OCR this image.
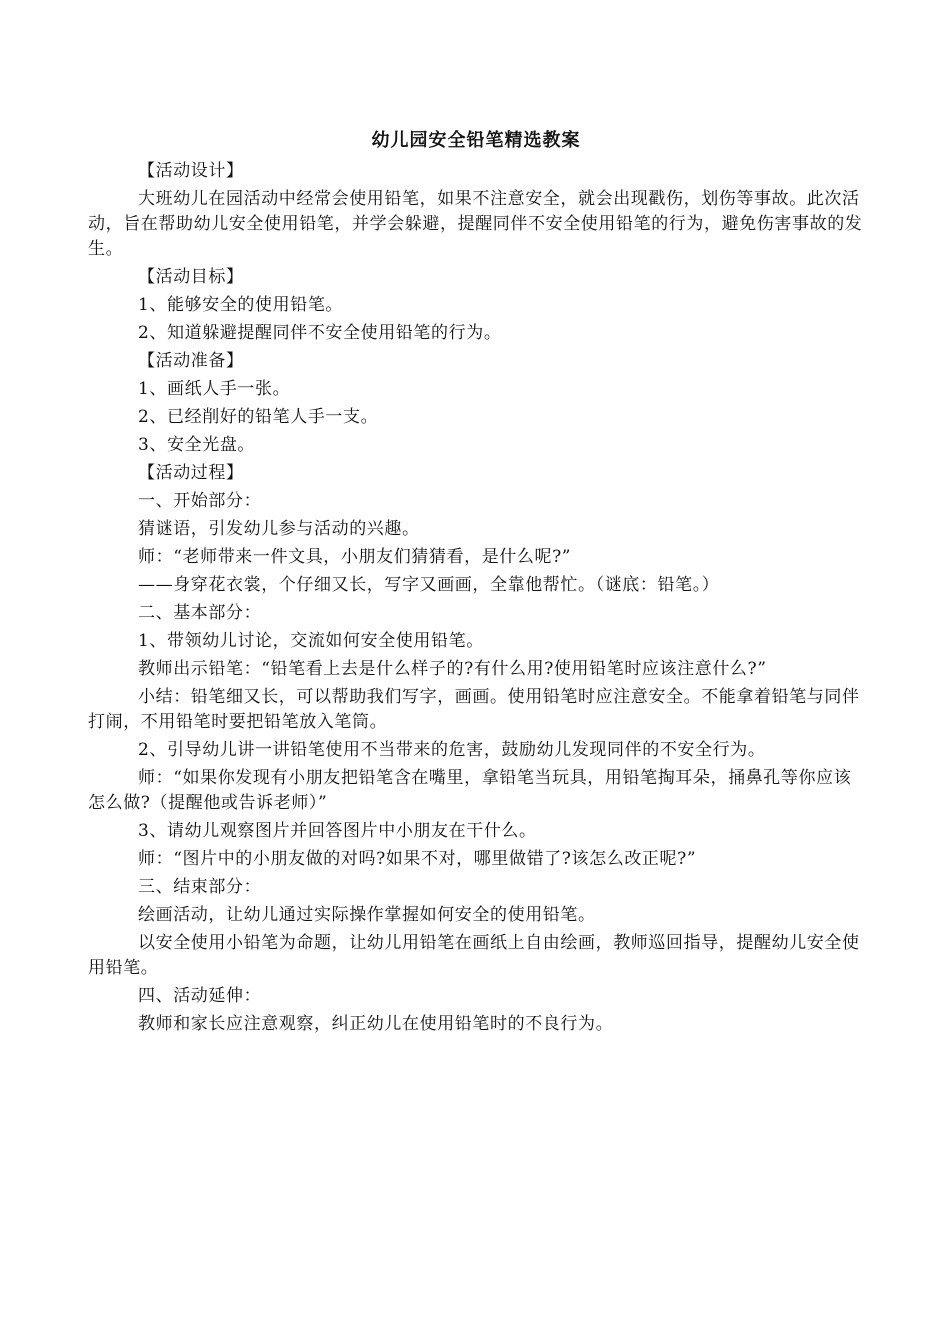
幼儿园安全铅笔精选教案
【活动设计】
大班幼儿在园活动中经常会使用铅笔，如果不注意安全，就会出现戳伤，划伤等事故。此次活动，旨在帮助幼儿安全使用铅笔，并学会躲避，提醒同伴不安全使用铅笔的行为，避免伤害事故的发生。
【活动目标】
1、能够安全的使用铅笔。
2、知道躲避提醒同伴不安全使用铅笔的行为。
【活动准备】
1、画纸人手一张。
2、已经削好的铅笔人手一支。
3、安全光盘。
【活动过程】
一、开始部分：
猜谜语，引发幼儿参与活动的兴趣。
师：“老师带来一件文具，小朋友们猜猜看，是什么呢?”
——身穿花衣裳，个仔细又长，写字又画画，全靠他帮忙。（谜底：铅笔。）
二、基本部分：
1、带领幼儿讨论，交流如何安全使用铅笔。
教师出示铅笔：“铅笔看上去是什么样子的?有什么用?使用铅笔时应该注意什么?”
小结：铅笔细又长，可以帮助我们写字，画画。使用铅笔时应注意安全。不能拿着铅笔与同伴打闹，不用铅笔时要把铅笔放入笔筒。
2、引导幼儿讲一讲铅笔使用不当带来的危害，鼓励幼儿发现同伴的不安全行为。
师：“如果你发现有小朋友把铅笔含在嘴里，拿铅笔当玩具，用铅笔掏耳朵，捅鼻孔等你应该怎么做?（提醒他或告诉老师）”
3、请幼儿观察图片并回答图片中小朋友在干什么。
师：“图片中的小朋友做的对吗?如果不对，哪里做错了?该怎么改正呢?”
三、结束部分：
绘画活动，让幼儿通过实际操作掌握如何安全的使用铅笔。
以安全使用小铅笔为命题，让幼儿用铅笔在画纸上自由绘画，教师巡回指导，提醒幼儿安全使用铅笔。
四、活动延伸：
教师和家长应注意观察，纠正幼儿在使用铅笔时的不良行为。
